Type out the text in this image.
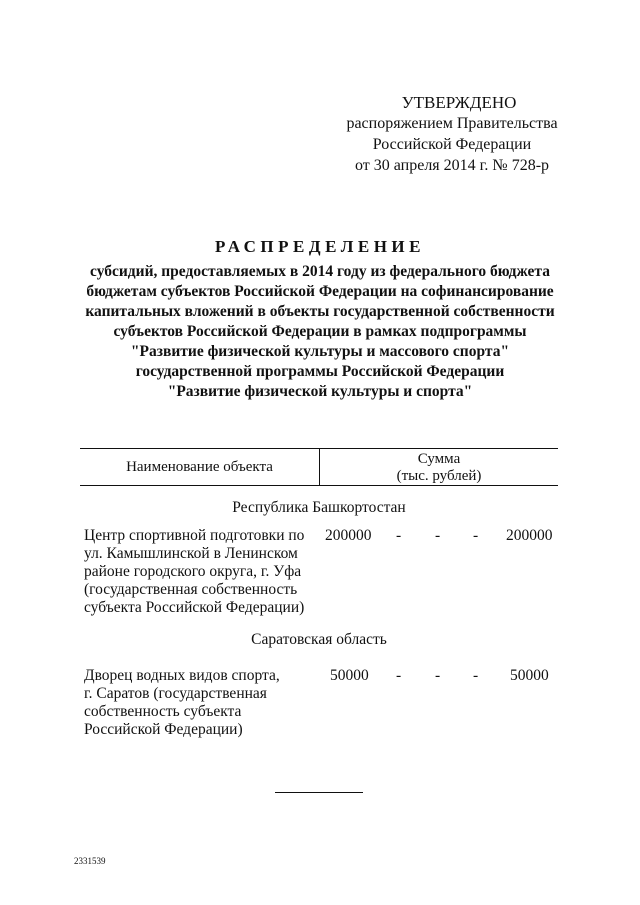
УТВЕРЖДЕНО
распоряжением Правительства
Российской Федерации
от 30 апреля 2014 г. № 728-р
РАСПРЕДЕЛЕНИЕ
субсидий, предоставляемых в 2014 году из федерального бюджета
бюджетам субъектов Российской Федерации на софинансирование
капитальных вложений в объекты государственной собственности
субъектов Российской Федерации в рамках подпрограммы
"Развитие физической культуры и массового спорта"
государственной программы Российской Федерации
"Развитие физической культуры и спорта"
Наименование объекта	Сумма
(тыс. рублей)
Республика Башкортостан
Центр спортивной подготовки по
ул. Камышлинской в Ленинском
районе городского округа, г. Уфа
(государственная собственность
субъекта Российской Федерации)
200000 - - - 200000
Саратовская область
Дворец водных видов спорта,
г. Саратов (государственная
собственность субъекта
Российской Федерации)
50000 - - - 50000
2331539
